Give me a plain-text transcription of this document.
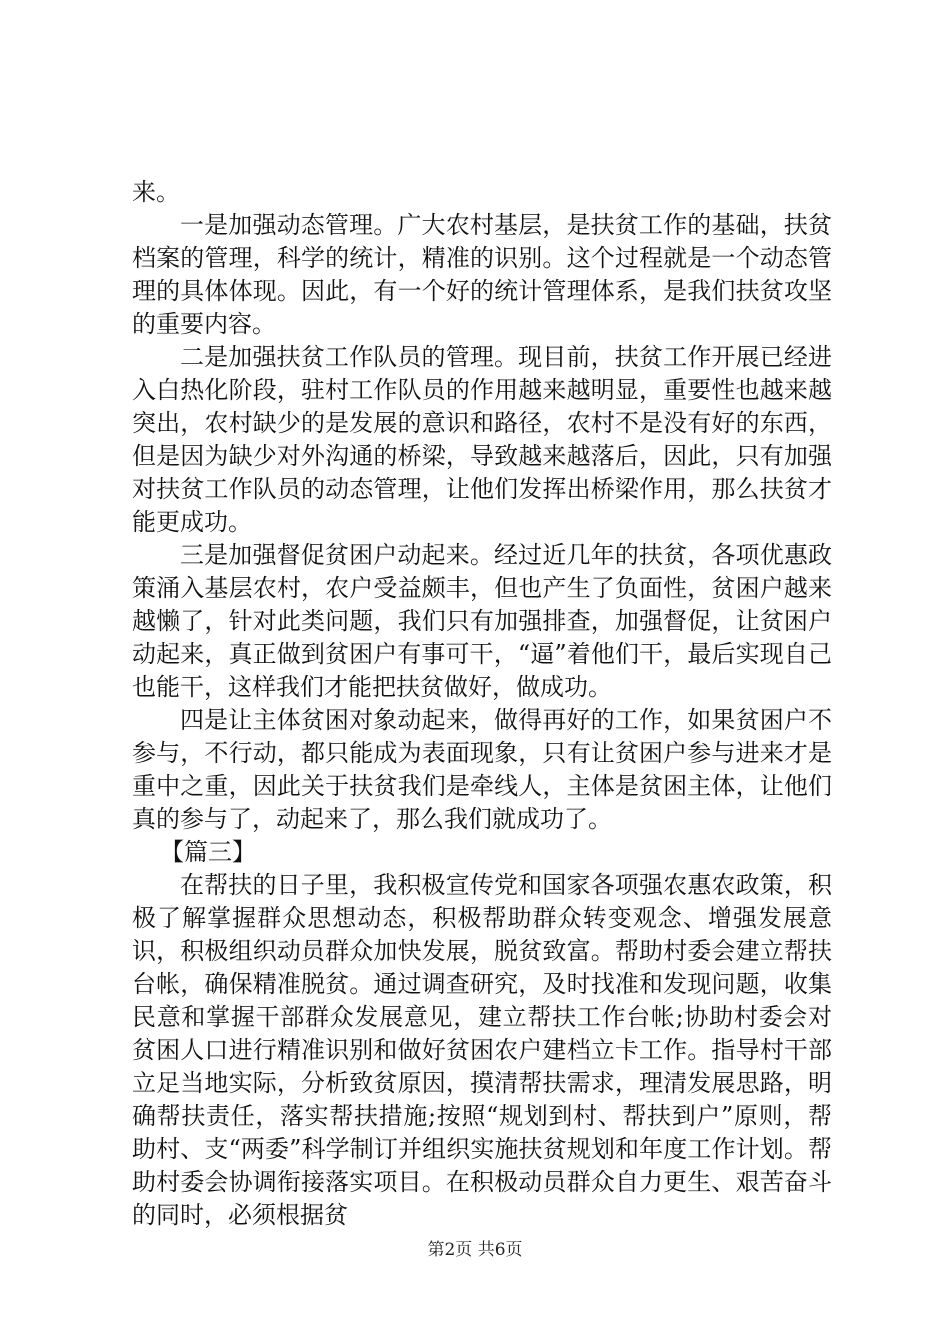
来。

一是加强动态管理。广大农村基层，是扶贫工作的基础，扶贫档案的管理，科学的统计，精准的识别。这个过程就是一个动态管理的具体体现。因此，有一个好的统计管理体系，是我们扶贫攻坚的重要内容。

二是加强扶贫工作队员的管理。现目前，扶贫工作开展已经进入白热化阶段，驻村工作队员的作用越来越明显，重要性也越来越突出，农村缺少的是发展的意识和路径，农村不是没有好的东西，但是因为缺少对外沟通的桥梁，导致越来越落后，因此，只有加强对扶贫工作队员的动态管理，让他们发挥出桥梁作用，那么扶贫才能更成功。

三是加强督促贫困户动起来。经过近几年的扶贫，各项优惠政策涌入基层农村，农户受益颇丰，但也产生了负面性，贫困户越来越懒了，针对此类问题，我们只有加强排查，加强督促，让贫困户动起来，真正做到贫困户有事可干，“逼”着他们干，最后实现自己也能干，这样我们才能把扶贫做好，做成功。

四是让主体贫困对象动起来，做得再好的工作，如果贫困户不参与，不行动，都只能成为表面现象，只有让贫困户参与进来才是重中之重，因此关于扶贫我们是牵线人，主体是贫困主体，让他们真的参与了，动起来了，那么我们就成功了。

【篇三】

在帮扶的日子里，我积极宣传党和国家各项强农惠农政策，积极了解掌握群众思想动态，积极帮助群众转变观念、增强发展意识，积极组织动员群众加快发展，脱贫致富。帮助村委会建立帮扶台帐，确保精准脱贫。通过调查研究，及时找准和发现问题，收集民意和掌握干部群众发展意见，建立帮扶工作台帐;协助村委会对贫困人口进行精准识别和做好贫困农户建档立卡工作。指导村干部立足当地实际，分析致贫原因，摸清帮扶需求，理清发展思路，明确帮扶责任，落实帮扶措施;按照“规划到村、帮扶到户”原则，帮助村、支“两委”科学制订并组织实施扶贫规划和年度工作计划。帮助村委会协调衔接落实项目。在积极动员群众自力更生、艰苦奋斗的同时，必须根据贫

第2页 共6页
